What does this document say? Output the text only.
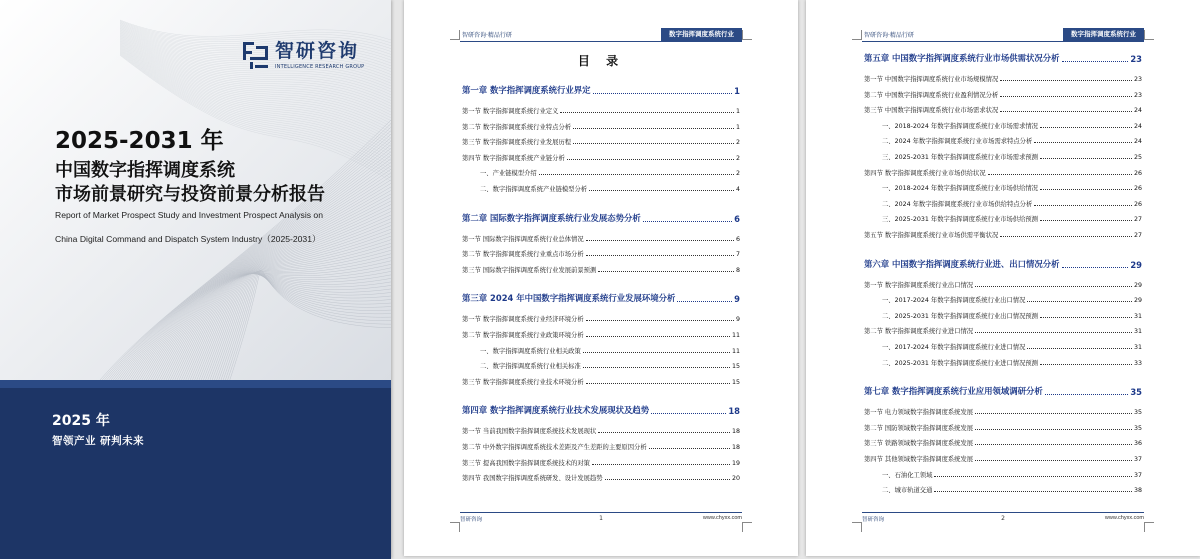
智研咨询
INTELLIGENCE RESEARCH GROUP
2025-2031 年
中国数字指挥调度系统
市场前景研究与投资前景分析报告
Report of Market Prospect Study and Investment Prospect Analysis on
China Digital Command and Dispatch System Industry（2025-2031）
2025 年
智领产业 研判未来
智研咨询·精品行研	数字指挥调度系统行业
目 录
第一章 数字指挥调度系统行业界定	1
第一节 数字指挥调度系统行业定义	1
第二节 数字指挥调度系统行业特点分析	1
第三节 数字指挥调度系统行业发展历程	2
第四节 数字指挥调度系统产业链分析	2
一、产业链模型介绍	2
二、数字指挥调度系统产业链模型分析	4
第二章 国际数字指挥调度系统行业发展态势分析	6
第一节 国际数字指挥调度系统行业总体情况	6
第二节 数字指挥调度系统行业重点市场分析	7
第三节 国际数字指挥调度系统行业发展前景预测	8
第三章 2024 年中国数字指挥调度系统行业发展环境分析	9
第一节 数字指挥调度系统行业经济环境分析	9
第二节 数字指挥调度系统行业政策环境分析	11
一、数字指挥调度系统行业相关政策	11
二、数字指挥调度系统行业相关标准	15
第三节 数字指挥调度系统行业技术环境分析	15
第四章 数字指挥调度系统行业技术发展现状及趋势	18
第一节 当前我国数字指挥调度系统技术发展现状	18
第二节 中外数字指挥调度系统技术差距及产生差距的主要原因分析	18
第三节 提高我国数字指挥调度系统技术的对策	19
第四节 我国数字指挥调度系统研发、设计发展趋势	20
智研咨询	1	www.chyxx.com
智研咨询·精品行研	数字指挥调度系统行业
第五章 中国数字指挥调度系统行业市场供需状况分析	23
第一节 中国数字指挥调度系统行业市场规模情况	23
第二节 中国数字指挥调度系统行业盈利情况分析	23
第三节 中国数字指挥调度系统行业市场需求状况	24
一、2018-2024 年数字指挥调度系统行业市场需求情况	24
二、2024 年数字指挥调度系统行业市场需求特点分析	24
三、2025-2031 年数字指挥调度系统行业市场需求预测	25
第四节 数字指挥调度系统行业市场供给状况	26
一、2018-2024 年数字指挥调度系统行业市场供给情况	26
二、2024 年数字指挥调度系统行业市场供给特点分析	26
三、2025-2031 年数字指挥调度系统行业市场供给预测	27
第五节 数字指挥调度系统行业市场供需平衡状况	27
第六章 中国数字指挥调度系统行业进、出口情况分析	29
第一节 数字指挥调度系统行业出口情况	29
一、2017-2024 年数字指挥调度系统行业出口情况	29
二、2025-2031 年数字指挥调度系统行业出口情况预测	31
第二节 数字指挥调度系统行业进口情况	31
一、2017-2024 年数字指挥调度系统行业进口情况	31
二、2025-2031 年数字指挥调度系统行业进口情况预测	33
第七章 数字指挥调度系统行业应用领域调研分析	35
第一节 电力领域数字指挥调度系统发展	35
第二节 国防领域数字指挥调度系统发展	35
第三节 铁路领域数字指挥调度系统发展	36
第四节 其他领域数字指挥调度系统发展	37
一、石油化工领域	37
二、城市轨道交通	38
智研咨询	2	www.chyxx.com
